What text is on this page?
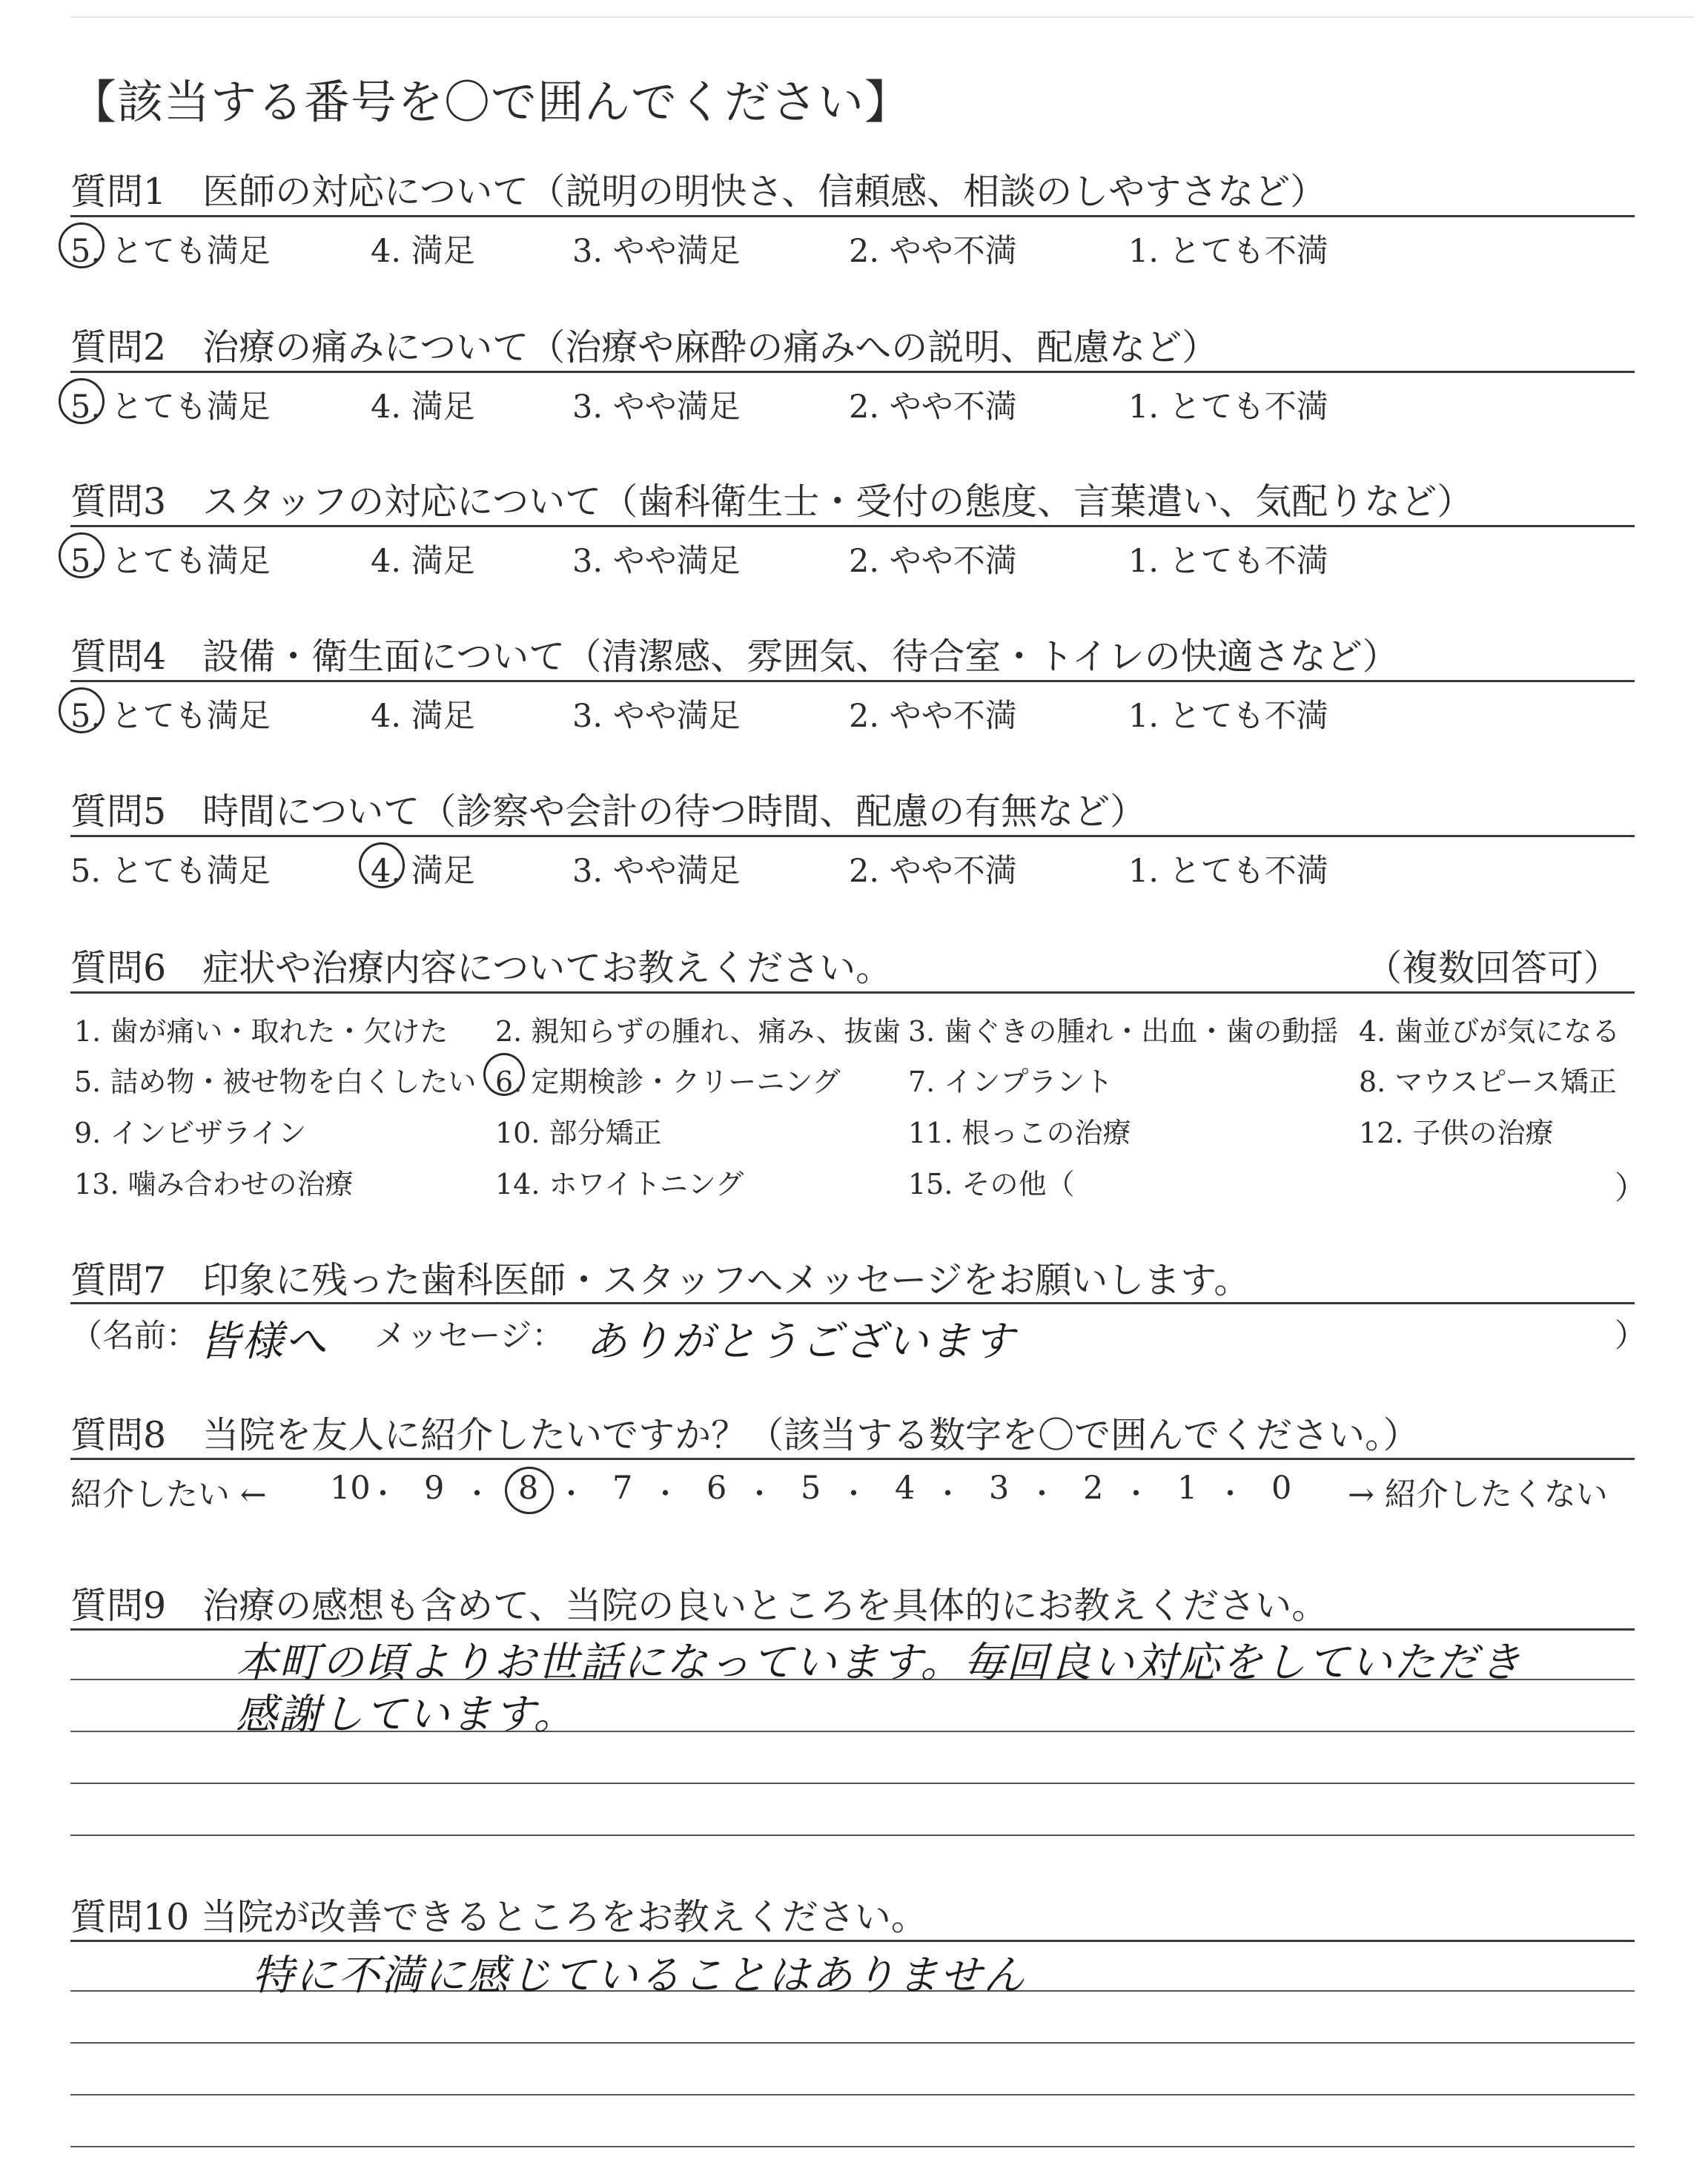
【該当する番号を〇で囲んでください】
質問1　医師の対応について（説明の明快さ、信頼感、相談のしやすさなど）
5. とても満足	4. 満足	3. やや満足	2. やや不満	1. とても不満
質問2　治療の痛みについて（治療や麻酔の痛みへの説明、配慮など）
5. とても満足	4. 満足	3. やや満足	2. やや不満	1. とても不満
質問3　スタッフの対応について（歯科衛生士・受付の態度、言葉遣い、気配りなど）
5. とても満足	4. 満足	3. やや満足	2. やや不満	1. とても不満
質問4　設備・衛生面について（清潔感、雰囲気、待合室・トイレの快適さなど）
5. とても満足	4. 満足	3. やや満足	2. やや不満	1. とても不満
質問5　時間について（診察や会計の待つ時間、配慮の有無など）
5. とても満足	4. 満足	3. やや満足	2. やや不満	1. とても不満
質問6　症状や治療内容についてお教えください。	（複数回答可）
1. 歯が痛い・取れた・欠けた 2. 親知らずの腫れ、痛み、抜歯 3. 歯ぐきの腫れ・出血・歯の動揺 4. 歯並びが気になる
5. 詰め物・被せ物を白くしたい 6. 定期検診・クリーニング 7. インプラント	8. マウスピース矯正
9. インビザライン	10. 部分矯正	11. 根っこの治療	12. 子供の治療
13. 噛み合わせの治療	14. ホワイトニング	15. その他（	）
質問7　印象に残った歯科医師・スタッフへメッセージをお願いします。
（名前： 皆様へ メッセージ： ありがとうございます	）
質問8　当院を友人に紹介したいですか？（該当する数字を〇で囲んでください。）
紹介したい ← 10
・ 9 ・ 8 ・ 7 ・ 6 ・ 5 ・ 4 ・ 3 ・ 2 ・ 1 ・ 0 → 紹介したくない
質問9　治療の感想も含めて、当院の良いところを具体的にお教えください。
本町の頃よりお世話になっています。毎回良い対応をしていただき
感謝しています。
質問10 当院が改善できるところをお教えください。
特に不満に感じていることはありません
